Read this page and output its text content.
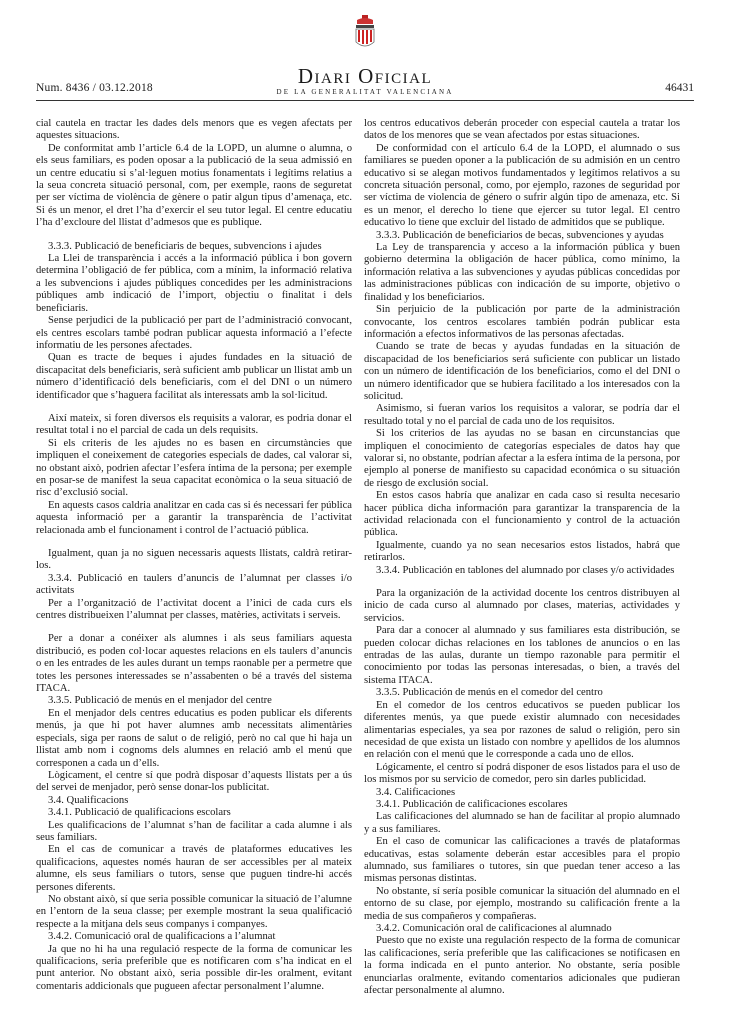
Num. 8436 / 03.12.2018	Diari Oficial
DE LA GENERALITAT VALENCIANA	46431

cial cautela en tractar les dades dels menors que es vegen afectats per aquestes situacions.

De conformitat amb l’article 6.4 de la LOPD, un alumne o alumna, o els seus familiars, es poden oposar a la publicació de la seua admissió en un centre educatiu si s’al·leguen motius fonamentats i legítims relatius a la seua concreta situació personal, com, per exemple, raons de seguretat per ser víctima de violència de gènere o patir algun tipus d’amenaça, etc. Si és un menor, el dret l’ha d’exercir el seu tutor legal. El centre educatiu l’ha d’excloure del llistat d’admesos que es publique.

3.3.3. Publicació de beneficiaris de beques, subvencions i ajudes

La Llei de transparència i accés a la informació pública i bon govern determina l’obligació de fer pública, com a mínim, la informació relativa a les subvencions i ajudes públiques concedides per les administracions públiques amb indicació de l’import, objectiu o finalitat i dels beneficiaris.

Sense perjudici de la publicació per part de l’administració convocant, els centres escolars també podran publicar aquesta informació a l’efecte informatiu de les persones afectades.

Quan es tracte de beques i ajudes fundades en la situació de discapacitat dels beneficiaris, serà suficient amb publicar un llistat amb un número d’identificació dels beneficiaris, com el del DNI o un número identificador que s’haguera facilitat als interessats amb la sol·licitud.

Així mateix, si foren diversos els requisits a valorar, es podria donar el resultat total i no el parcial de cada un dels requisits.

Si els criteris de les ajudes no es basen en circumstàncies que impliquen el coneixement de categories especials de dades, cal valorar si, no obstant això, podrien afectar l’esfera íntima de la persona; per exemple en posar-se de manifest la seua capacitat econòmica o la seua situació de risc d’exclusió social.

En aquests casos caldria analitzar en cada cas si és necessari fer pública aquesta informació per a garantir la transparència de l’activitat relacionada amb el funcionament i control de l’actuació pública.

Igualment, quan ja no siguen necessaris aquests llistats, caldrà retirar-los.

3.3.4. Publicació en taulers d’anuncis de l’alumnat per classes i/o activitats

Per a l’organització de l’activitat docent a l’inici de cada curs els centres distribueixen l’alumnat per classes, matèries, activitats i serveis.

Per a donar a conéixer als alumnes i als seus familiars aquesta distribució, es poden col·locar aquestes relacions en els taulers d’anuncis o en les entrades de les aules durant un temps raonable per a permetre que totes les persones interessades se n’assabenten o bé a través del sistema ITACA.

3.3.5. Publicació de menús en el menjador del centre

En el menjador dels centres educatius es poden publicar els diferents menús, ja que hi pot haver alumnes amb necessitats alimentàries especials, siga per raons de salut o de religió, però no cal que hi haja un llistat amb nom i cognoms dels alumnes en relació amb el menú que corresponen a cada un d’ells.

Lògicament, el centre sí que podrà disposar d’aquests llistats per a ús del servei de menjador, però sense donar-los publicitat.

3.4. Qualificacions

3.4.1. Publicació de qualificacions escolars

Les qualificacions de l’alumnat s’han de facilitar a cada alumne i als seus familiars.

En el cas de comunicar a través de plataformes educatives les qualificacions, aquestes només hauran de ser accessibles per al mateix alumne, els seus familiars o tutors, sense que puguen tindre-hi accés persones diferents.

No obstant això, sí que seria possible comunicar la situació de l’alumne en l’entorn de la seua classe; per exemple mostrant la seua qualificació respecte a la mitjana dels seus companys i companyes.

3.4.2. Comunicació oral de qualificacions a l’alumnat

Ja que no hi ha una regulació respecte de la forma de comunicar les qualificacions, seria preferible que es notificaren com s’ha indicat en el punt anterior. No obstant això, seria possible dir-les oralment, evitant comentaris addicionals que pugueen afectar personalment l’alumne.

los centros educativos deberán proceder con especial cautela a tratar los datos de los menores que se vean afectados por estas situaciones.

De conformidad con el artículo 6.4 de la LOPD, el alumnado o sus familiares se pueden oponer a la publicación de su admisión en un centro educativo si se alegan motivos fundamentados y legítimos relativos a su concreta situación personal, como, por ejemplo, razones de seguridad por ser víctima de violencia de género o sufrir algún tipo de amenaza, etc. Si es un menor, el derecho lo tiene que ejercer su tutor legal. El centro educativo lo tiene que excluir del listado de admitidos que se publique.

3.3.3. Publicación de beneficiarios de becas, subvenciones y ayudas

La Ley de transparencia y acceso a la información pública y buen gobierno determina la obligación de hacer pública, como mínimo, la información relativa a las subvenciones y ayudas públicas concedidas por las administraciones públicas con indicación de su importe, objetivo o finalidad y los beneficiarios.

Sin perjuicio de la publicación por parte de la administración convocante, los centros escolares también podrán publicar esta información a efectos informativos de las personas afectadas.

Cuando se trate de becas y ayudas fundadas en la situación de discapacidad de los beneficiarios será suficiente con publicar un listado con un número de identificación de los beneficiarios, como el del DNI o un número identificador que se hubiera facilitado a los interesados con la solicitud.

Asimismo, si fueran varios los requisitos a valorar, se podría dar el resultado total y no el parcial de cada uno de los requisitos.

Si los criterios de las ayudas no se basan en circunstancias que impliquen el conocimiento de categorías especiales de datos hay que valorar si, no obstante, podrían afectar a la esfera íntima de la persona, por ejemplo al ponerse de manifiesto su capacidad económica o su situación de riesgo de exclusión social.

En estos casos habría que analizar en cada caso si resulta necesario hacer pública dicha información para garantizar la transparencia de la actividad relacionada con el funcionamiento y control de la actuación pública.

Igualmente, cuando ya no sean necesarios estos listados, habrá que retirarlos.

3.3.4. Publicación en tablones del alumnado por clases y/o actividades

Para la organización de la actividad docente los centros distribuyen al inicio de cada curso al alumnado por clases, materias, actividades y servicios.

Para dar a conocer al alumnado y sus familiares esta distribución, se pueden colocar dichas relaciones en los tablones de anuncios o en las entradas de las aulas, durante un tiempo razonable para permitir el conocimiento por todas las personas interesadas, o bien, a través del sistema ITACA.

3.3.5. Publicación de menús en el comedor del centro

En el comedor de los centros educativos se pueden publicar los diferentes menús, ya que puede existir alumnado con necesidades alimentarias especiales, ya sea por razones de salud o religión, pero sin necesidad de que exista un listado con nombre y apellidos de los alumnos en relación con el menú que le corresponde a cada uno de ellos.

Lógicamente, el centro sí podrá disponer de esos listados para el uso de los mismos por su servicio de comedor, pero sin darles publicidad.

3.4. Calificaciones

3.4.1. Publicación de calificaciones escolares

Las calificaciones del alumnado se han de facilitar al propio alumnado y a sus familiares.

En el caso de comunicar las calificaciones a través de plataformas educativas, estas solamente deberán estar accesibles para el propio alumnado, sus familiares o tutores, sin que puedan tener acceso a las mismas personas distintas.

No obstante, sí sería posible comunicar la situación del alumnado en el entorno de su clase, por ejemplo, mostrando su calificación frente a la media de sus compañeros y compañeras.

3.4.2. Comunicación oral de calificaciones al alumnado

Puesto que no existe una regulación respecto de la forma de comunicar las calificaciones, sería preferible que las calificaciones se notificasen en la forma indicada en el punto anterior. No obstante, sería posible enunciarlas oralmente, evitando comentarios adicionales que pudieran afectar personalmente al alumno.
